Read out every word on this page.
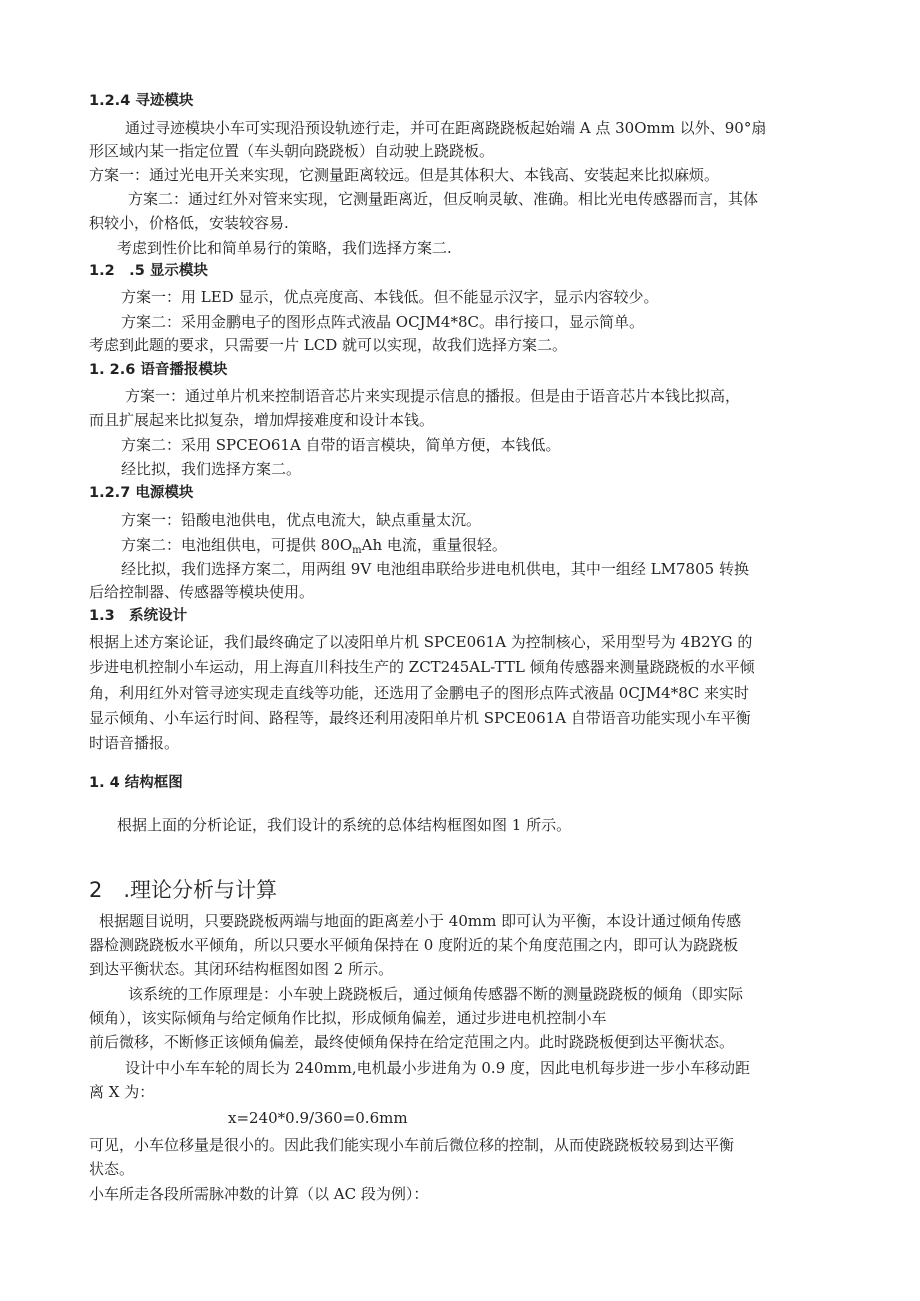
1.2.4 寻迹模块
通过寻迹模块小车可实现沿预设轨迹行走，并可在距离跷跷板起始端 A 点 30Omm 以外、90°扇
形区域内某一指定位置（车头朝向跷跷板）自动驶上跷跷板。
方案一：通过光电开关来实现，它测量距离较远。但是其体积大、本钱高、安装起来比拟麻烦。
方案二：通过红外对管来实现，它测量距离近，但反响灵敏、准确。相比光电传感器而言，其体
积较小，价格低，安装较容易.
考虑到性价比和简单易行的策略，我们选择方案二.
1.2　.5 显示模块
方案一：用 LED 显示，优点亮度高、本钱低。但不能显示汉字，显示内容较少。
方案二：采用金鹏电子的图形点阵式液晶 OCJM4*8C。串行接口，显示简单。
考虑到此题的要求，只需要一片 LCD 就可以实现，故我们选择方案二。
1. 2.6 语音播报模块
方案一：通过单片机来控制语音芯片来实现提示信息的播报。但是由于语音芯片本钱比拟高，
而且扩展起来比拟复杂，增加焊接难度和设计本钱。
方案二：采用 SPCEO61A 自带的语言模块，简单方便，本钱低。
经比拟，我们选择方案二。
1.2.7 电源模块
方案一：铅酸电池供电，优点电流大，缺点重量太沉。
方案二：电池组供电，可提供 $80O_mAh$ 电流，重量很轻。
经比拟，我们选择方案二，用两组 9V 电池组串联给步进电机供电，其中一组经 LM7805 转换
后给控制器、传感器等模块使用。
1.3　系统设计
根据上述方案论证，我们最终确定了以凌阳单片机 SPCE061A 为控制核心，采用型号为 4B2YG 的
步进电机控制小车运动，用上海直川科技生产的 ZCT245AL-TTL 倾角传感器来测量跷跷板的水平倾
角，利用红外对管寻迹实现走直线等功能，还选用了金鹏电子的图形点阵式液晶 0CJM4*8C 来实时
显示倾角、小车运行时间、路程等，最终还利用凌阳单片机 SPCE061A 自带语音功能实现小车平衡
时语音播报。
1. 4 结构框图
根据上面的分析论证，我们设计的系统的总体结构框图如图 1 所示。
2　.理论分析与计算
根据题目说明，只要跷跷板两端与地面的距离差小于 40mm 即可认为平衡，本设计通过倾角传感
器检测跷跷板水平倾角，所以只要水平倾角保持在 0 度附近的某个角度范围之内，即可认为跷跷板
到达平衡状态。其闭环结构框图如图 2 所示。
该系统的工作原理是：小车驶上跷跷板后，通过倾角传感器不断的测量跷跷板的倾角（即实际
倾角），该实际倾角与给定倾角作比拟，形成倾角偏差，通过步进电机控制小车
前后微移，不断修正该倾角偏差，最终使倾角保持在给定范围之内。此时跷跷板便到达平衡状态。
设计中小车车轮的周长为 240mm,电机最小步进角为 0.9 度，因此电机每步进一步小车移动距
离 X 为：
x=240*0.9/360=0.6mm
可见，小车位移量是很小的。因此我们能实现小车前后微位移的控制，从而使跷跷板较易到达平衡
状态。
小车所走各段所需脉冲数的计算（以 AC 段为例）：
